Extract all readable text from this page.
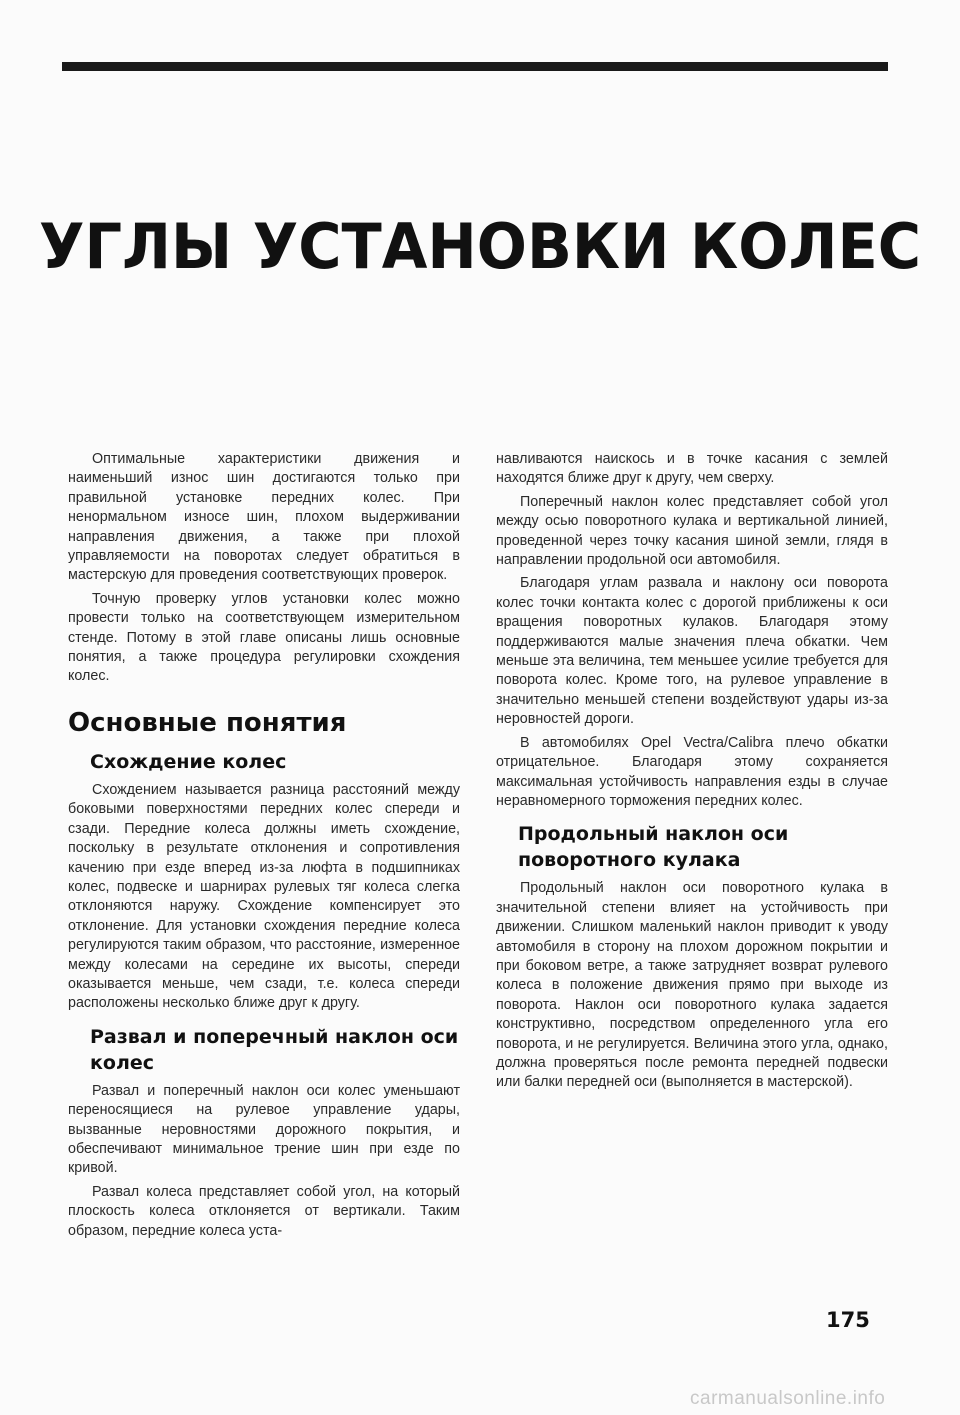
УГЛЫ УСТАНОВКИ КОЛЕС

Оптимальные характеристики движения и наименьший износ шин достигаются только при правильной установке передних колес. При ненормальном износе шин, плохом выдерживании направления движения, а также при плохой управляемости на поворотах следует обратиться в мастерскую для проведения соответствующих проверок.

Точную проверку углов установки колес можно провести только на соответствующем измерительном стенде. Потому в этой главе описаны лишь основные понятия, а также процедура регулировки схождения колес.

Основные понятия
Схождение колес

Схождением называется разница расстояний между боковыми поверхностями передних колес спереди и сзади. Передние колеса должны иметь схождение, поскольку в результате отклонения и сопротивления качению при езде вперед из-за люфта в подшипниках колес, подвеске и шарнирах рулевых тяг колеса слегка отклоняются наружу. Схождение компенсирует это отклонение. Для установки схождения передние колеса регулируются таким образом, что расстояние, измеренное между колесами на середине их высоты, спереди оказывается меньше, чем сзади, т.е. колеса спереди расположены несколько ближе друг к другу.

Развал и поперечный наклон оси колес

Развал и поперечный наклон оси колес уменьшают переносящиеся на рулевое управление удары, вызванные неровностями дорожного покрытия, и обеспечивают минимальное трение шин при езде по кривой.

Развал колеса представляет собой угол, на который плоскость колеса отклоняется от вертикали. Таким образом, передние колеса уста-

навливаются наискось и в точке касания с землей находятся ближе друг к другу, чем сверху.

Поперечный наклон колес представляет собой угол между осью поворотного кулака и вертикальной линией, проведенной через точку касания шиной земли, глядя в направлении продольной оси автомобиля.

Благодаря углам развала и наклону оси поворота колес точки контакта колес с дорогой приближены к оси вращения поворотных кулаков. Благодаря этому поддерживаются малые значения плеча обкатки. Чем меньше эта величина, тем меньшее усилие требуется для поворота колес. Кроме того, на рулевое управление в значительно меньшей степени воздействуют удары из-за неровностей дороги.

В автомобилях Opel Vectra/Calibra плечо обкатки отрицательное. Благодаря этому сохраняется максимальная устойчивость направления езды в случае неравномерного торможения передних колес.

Продольный наклон оси поворотного кулака

Продольный наклон оси поворотного кулака в значительной степени влияет на устойчивость при движении. Слишком маленький наклон приводит к уводу автомобиля в сторону на плохом дорожном покрытии и при боковом ветре, а также затрудняет возврат рулевого колеса в положение движения прямо при выходе из поворота. Наклон оси поворотного кулака задается конструктивно, посредством определенного угла его поворота, и не регулируется. Величина этого угла, однако, должна проверяться после ремонта передней подвески или балки передней оси (выполняется в мастерской).

175
carmanualsonline.info
